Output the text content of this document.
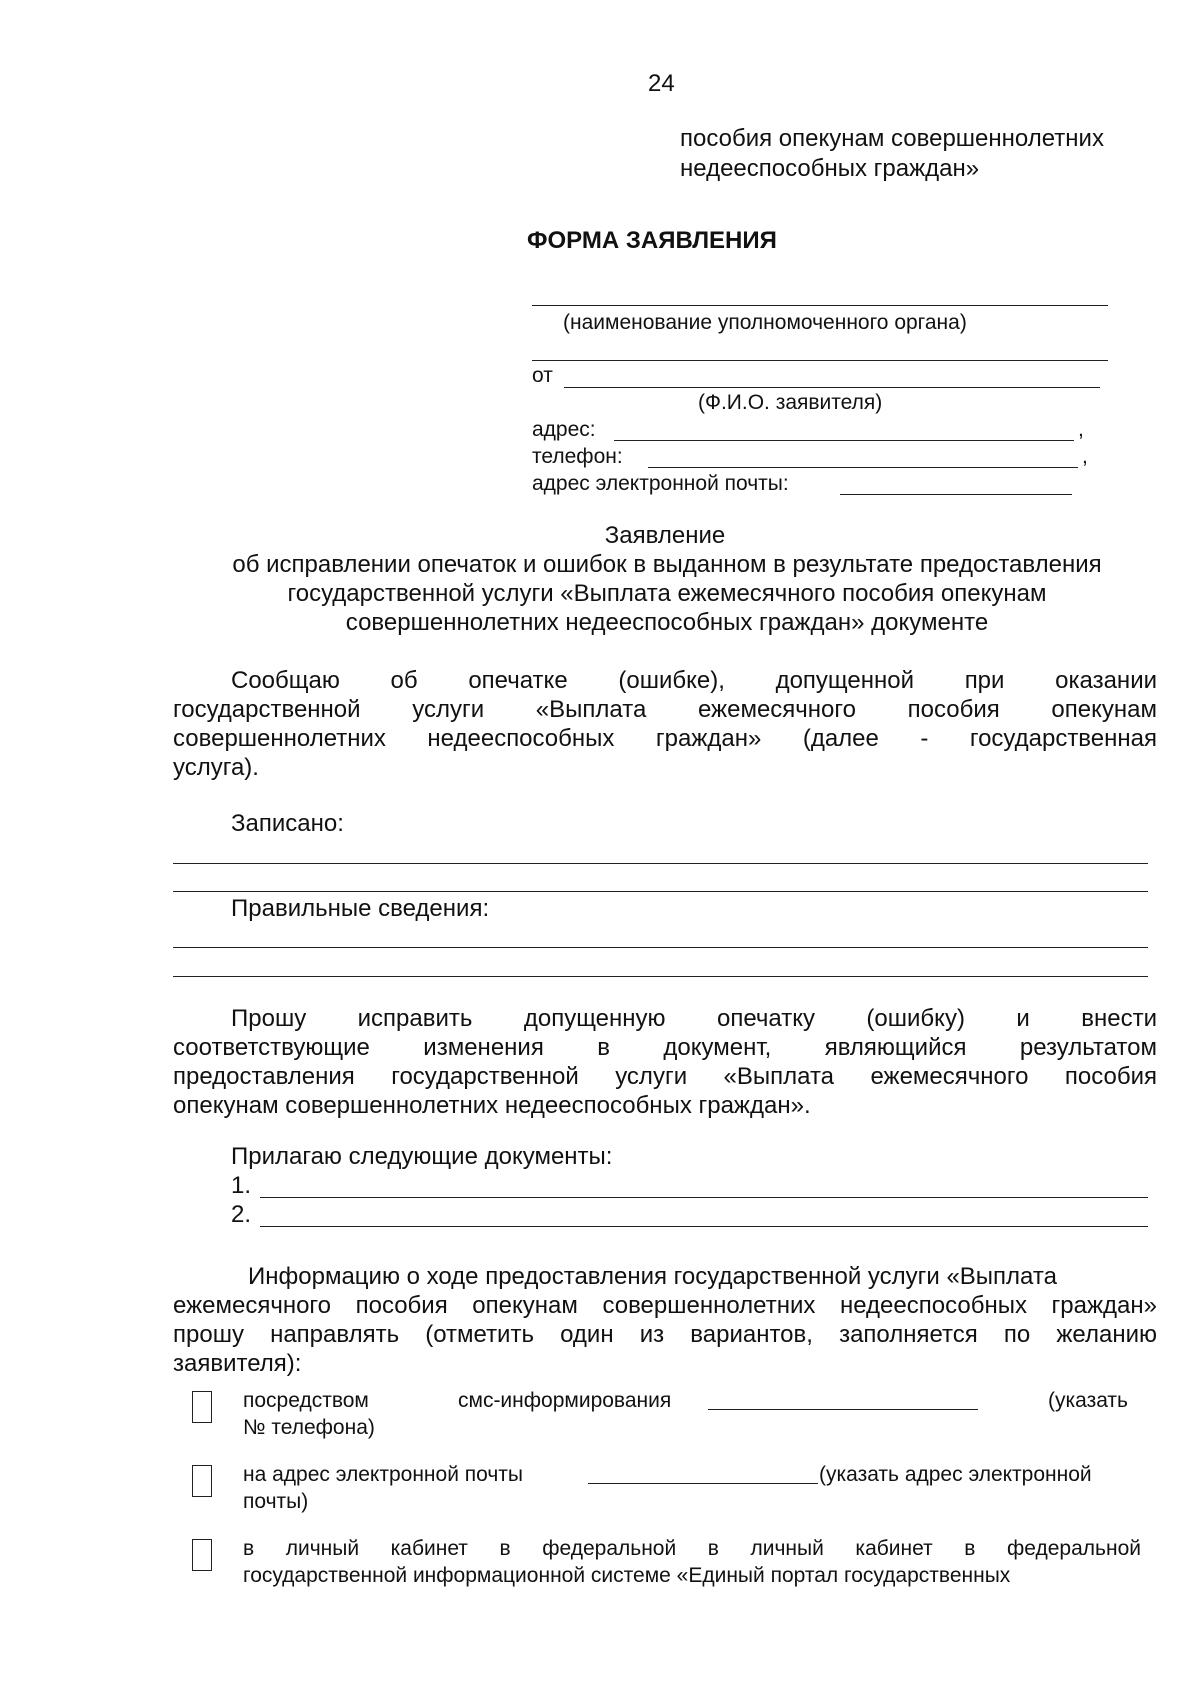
24
пособия опекунам совершеннолетних
недееспособных граждан»
ФОРМА ЗАЯВЛЕНИЯ
(наименование уполномоченного органа)
от
(Ф.И.О. заявителя)
адрес:	,
телефон:	,
адрес электронной почты:
Заявление
об исправлении опечаток и ошибок в выданном в результате предоставления
государственной услуги «Выплата ежемесячного пособия опекунам
совершеннолетних недееспособных граждан» документе
Сообщаю об опечатке (ошибке), допущенной при оказании
государственной услуги «Выплата ежемесячного пособия опекунам
совершеннолетних недееспособных граждан» (далее - государственная
услуга).
Записано:
Правильные сведения:
Прошу исправить допущенную опечатку (ошибку) и внести
соответствующие изменения в документ, являющийся результатом
предоставления государственной услуги «Выплата ежемесячного пособия
опекунам совершеннолетних недееспособных граждан».
Прилагаю следующие документы:
1.
2.
Информацию о ходе предоставления государственной услуги «Выплата
ежемесячного пособия опекунам совершеннолетних недееспособных граждан»
прошу направлять (отметить один из вариантов, заполняется по желанию
заявителя):
посредством	смс-информирования	(указать
№ телефона)
на адрес электронной почты	(указать адрес электронной
почты)
в личный кабинет в федеральной в личный кабинет в федеральной
государственной информационной системе «Единый портал государственных
